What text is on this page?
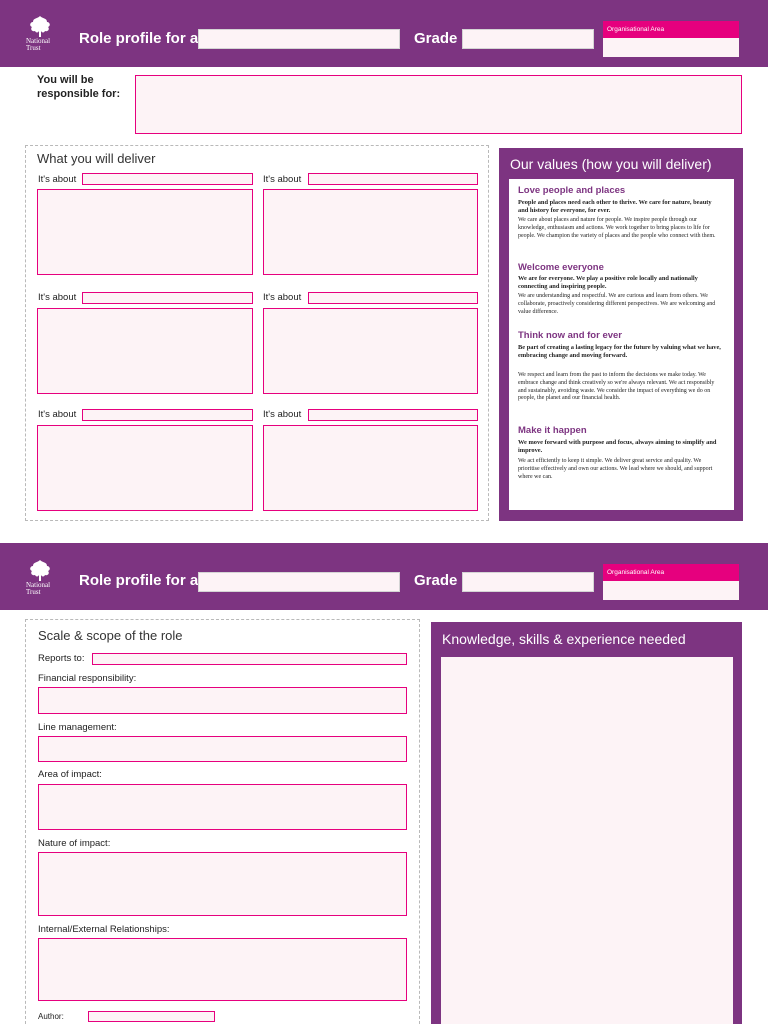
National
Trust
Role profile for a	Grade
Organisational Area
You will be
responsible for:
What you will deliver
It's about	It's about
It's about	It's about
It's about	It's about
Our values (how you will deliver)
Love people and places
People and places need each other to thrive. We care for nature, beauty and history for everyone, for ever.
We care about places and nature for people. We inspire people through our knowledge, enthusiasm and actions. We work together to bring places to life for people. We champion the variety of places and the people who connect with them.
Welcome everyone
We are for everyone. We play a positive role locally and nationally connecting and inspiring people.
We are understanding and respectful. We are curious and learn from others. We collaborate, proactively considering different perspectives. We are welcoming and value difference.
Think now and for ever
Be part of creating a lasting legacy for the future by valuing what we have, embracing change and moving forward.
We respect and learn from the past to inform the decisions we make today. We embrace change and think creatively so we're always relevant. We act responsibly and sustainably, avoiding waste. We consider the impact of everything we do on people, the planet and our financial health.
Make it happen
We move forward with purpose and focus, always aiming to simplify and improve.
We act efficiently to keep it simple. We deliver great service and quality. We prioritise effectively and own our actions. We lead where we should, and support where we can.
National
Trust
Role profile for a	Grade	Organisational Area
Scale & scope of the role
Reports to:
Financial responsibility:
Line management:
Area of impact:
Nature of impact:
Internal/External Relationships:
Author:
Knowledge, skills & experience needed
